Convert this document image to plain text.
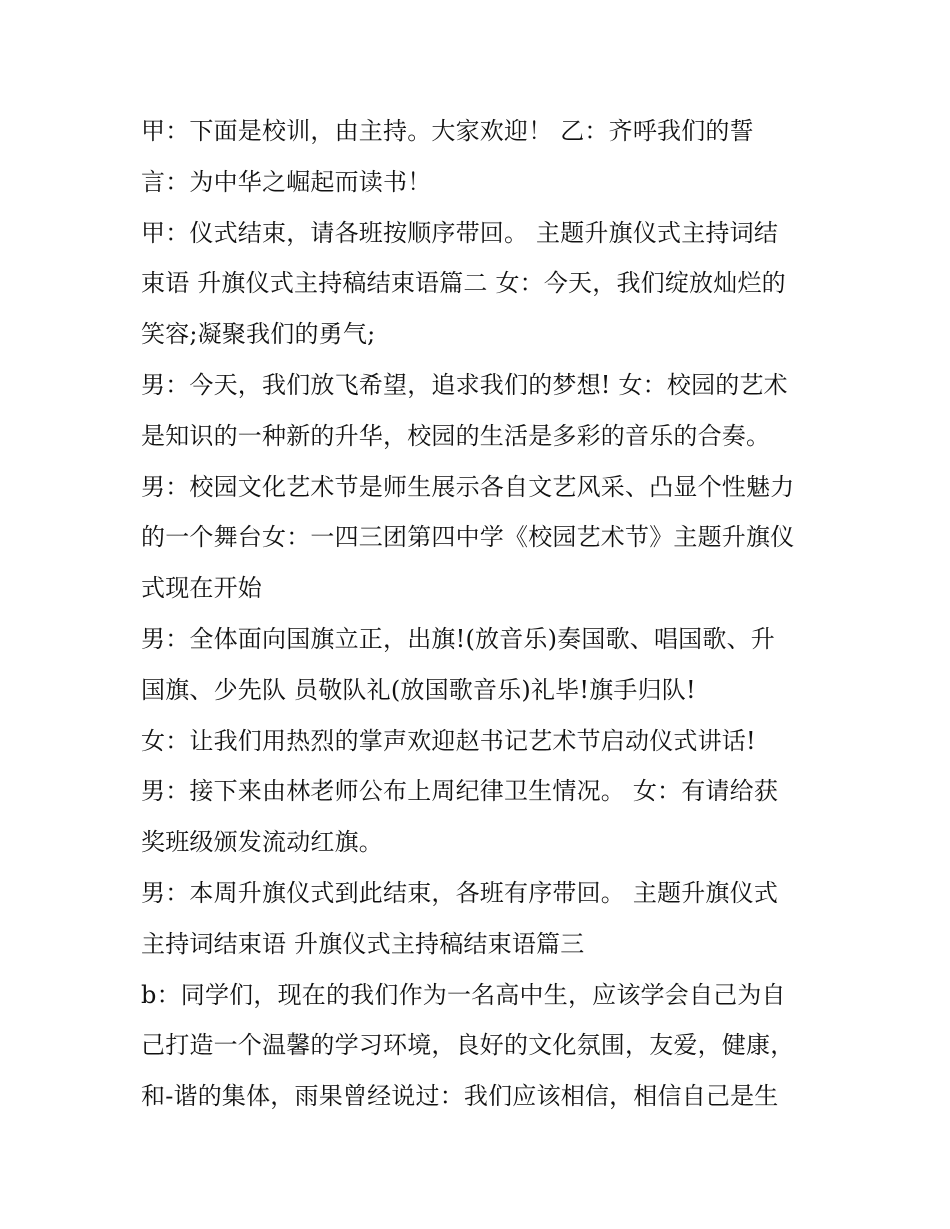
甲：下面是校训，由主持。大家欢迎！ 乙：齐呼我们的誓
言：为中华之崛起而读书！
甲：仪式结束，请各班按顺序带回。 主题升旗仪式主持词结
束语 升旗仪式主持稿结束语篇二 女：今天，我们绽放灿烂的
笑容;凝聚我们的勇气;
男：今天，我们放飞希望，追求我们的梦想! 女：校园的艺术
是知识的一种新的升华，校园的生活是多彩的音乐的合奏。
男：校园文化艺术节是师生展示各自文艺风采、凸显个性魅力
的一个舞台女：一四三团第四中学《校园艺术节》主题升旗仪
式现在开始
男：全体面向国旗立正，出旗!(放音乐)奏国歌、唱国歌、升
国旗、少先队 员敬队礼(放国歌音乐)礼毕!旗手归队!
女：让我们用热烈的掌声欢迎赵书记艺术节启动仪式讲话!
男：接下来由林老师公布上周纪律卫生情况。 女：有请给获
奖班级颁发流动红旗。
男：本周升旗仪式到此结束，各班有序带回。 主题升旗仪式
主持词结束语 升旗仪式主持稿结束语篇三
b：同学们，现在的我们作为一名高中生，应该学会自己为自
己打造一个温馨的学习环境，良好的文化氛围，友爱，健康，
和-谐的集体，雨果曾经说过：我们应该相信，相信自己是生
